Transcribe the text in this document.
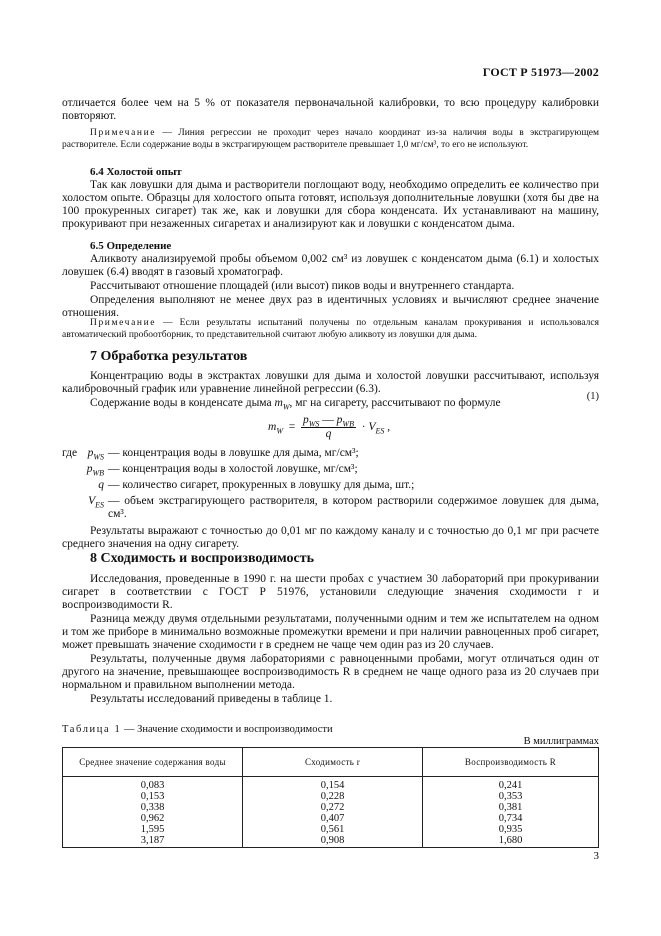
ГОСТ Р 51973—2002

отличается более чем на 5 % от показателя первоначальной калибровки, то всю процедуру калибровки повторяют.

Примечание — Линия регрессии не проходит через начало координат из-за наличия воды в экстрагирующем растворителе. Если содержание воды в экстрагирующем растворителе превышает 1,0 мг/см³, то его не используют.
6.4 Холостой опыт

Так как ловушки для дыма и растворители поглощают воду, необходимо определить ее количество при холостом опыте. Образцы для холостого опыта готовят, используя дополнительные ловушки (хотя бы две на 100 прокуренных сигарет) так же, как и ловушки для сбора конденсата. Их устанавливают на машину, прокуривают при незаженных сигаретах и анализируют как и ловушки с конденсатом дыма.

6.5 Определение

Аликвоту анализируемой пробы объемом 0,002 см³ из ловушек с конденсатом дыма (6.1) и холостых ловушек (6.4) вводят в газовый хроматограф.

Рассчитывают отношение площадей (или высот) пиков воды и внутреннего стандарта.

Определения выполняют не менее двух раз в идентичных условиях и вычисляют среднее значение отношения.

Примечание — Если результаты испытаний получены по отдельным каналам прокуривания и использовался автоматический пробоотборник, то представительной считают любую аликвоту из ловушки для дыма.
7 Обработка результатов

Концентрацию воды в экстрактах ловушки для дыма и холостой ловушки рассчитывают, используя калибровочный график или уравнение линейной регрессии (6.3).

Содержание воды в конденсате дыма $m_W$, мг на сигарету, рассчитывают по формуле

$m_W = \frac{p_{WS} — p_{WB}}{q} \cdot V_{ES}$ ,
(1)
где $p_{WS}$ — концентрация воды в ловушке для дыма, мг/см³;
$p_{WB}$ — концентрация воды в холостой ловушке, мг/см³;
q — количество сигарет, прокуренных в ловушку для дыма, шт.;
$V_{ES}$ — объем экстрагирующего растворителя, в котором растворили содержимое ловушек для дыма, см³.

Результаты выражают с точностью до 0,01 мг по каждому каналу и с точностью до 0,1 мг при расчете среднего значения на одну сигарету.

8 Сходимость и воспроизводимость

Исследования, проведенные в 1990 г. на шести пробах с участием 30 лабораторий при прокуривании сигарет в соответствии с ГОСТ Р 51976, установили следующие значения сходимости r и воспроизводимости R.

Разница между двумя отдельными результатами, полученными одним и тем же испытателем на одном и том же приборе в минимально возможные промежутки времени и при наличии равноценных проб сигарет, может превышать значение сходимости r в среднем не чаще чем один раз из 20 случаев.

Результаты, полученные двумя лабораториями с равноценными пробами, могут отличаться один от другого на значение, превышающее воспроизводимость R в среднем не чаще одного раза из 20 случаев при нормальном и правильном выполнении метода.

Результаты исследований приведены в таблице 1.

Таблица 1 — Значение сходимости и воспроизводимости
В миллиграммах
Среднее значение содержания воды	Сходимость r	Воспроизводимость R
0,083	0,154	0,241
0,153	0,228	0,353
0,338	0,272	0,381
0,962	0,407	0,734
1,595	0,561	0,935
3,187	0,908	1,680
3
